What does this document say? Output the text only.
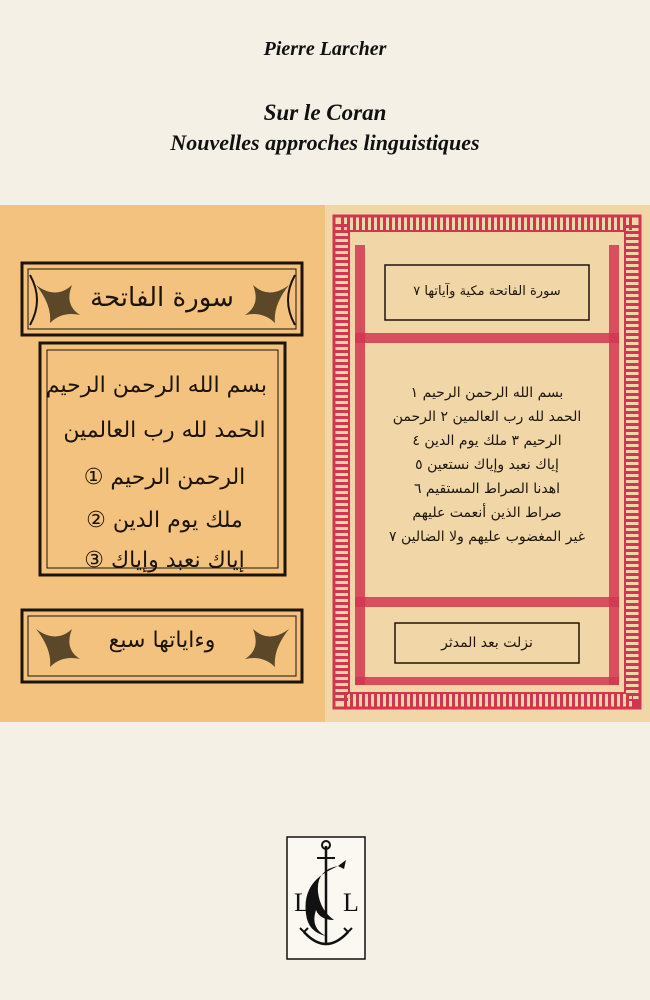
Pierre Larcher
Sur le Coran
Nouvelles approches linguistiques
سورة الفاتحة
بسم الله الرحمن الرحيم
الحمد لله رب العالمين
الرحمن الرحيم ①
ملك يوم الدين ②
إياك نعبد وإياك ③
وءاياتها سبع
سورة الفاتحة مكية وآياتها ٧
بسم الله الرحمن الرحيم ١
الحمد لله رب العالمين ٢ الرحمن
الرحيم ٣ ملك يوم الدين ٤
إياك نعبد وإياك نستعين ٥
اهدنا الصراط المستقيم ٦
صراط الذين أنعمت عليهم
غير المغضوب عليهم ولا الضالين ٧
نزلت بعد المدثر
L L
